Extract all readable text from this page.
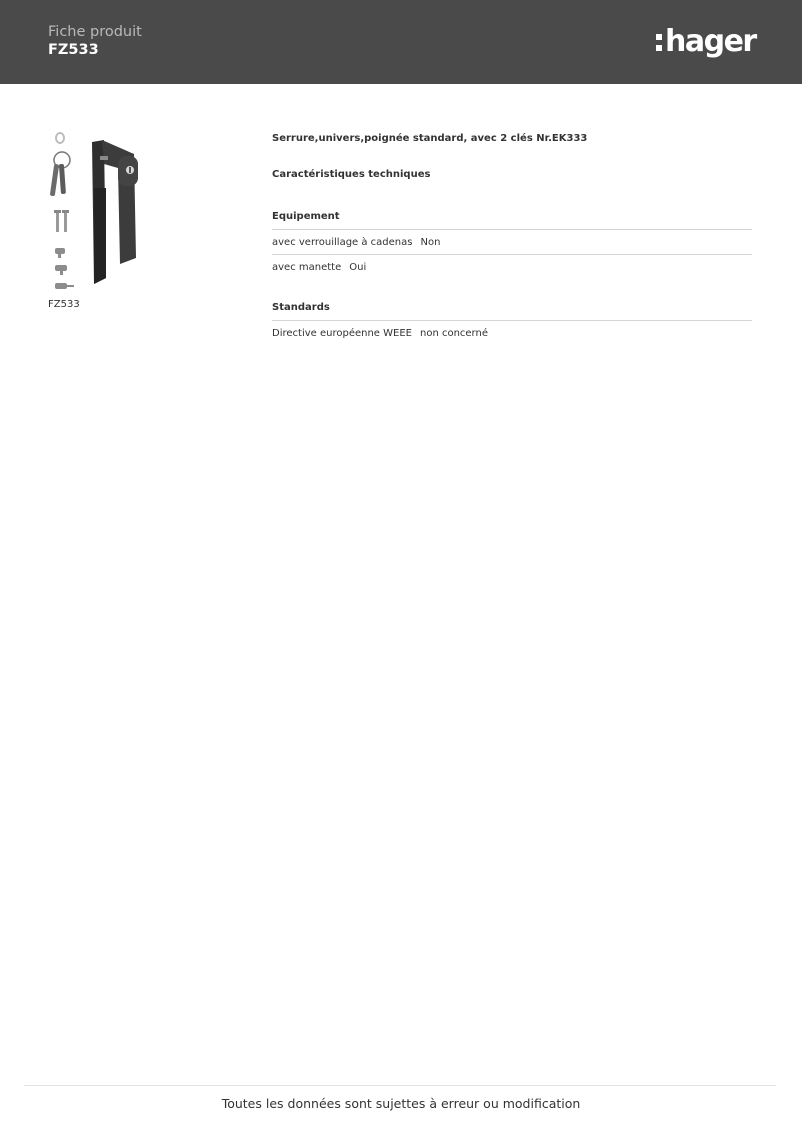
Fiche produit
FZ533	hager
FZ533
Serrure,univers,poignée standard, avec 2 clés Nr.EK333
Caractéristiques techniques
Equipement
avec verrouillage à cadenas Non
avec manette Oui
Standards
Directive européenne WEEE non concerné
Toutes les données sont sujettes à erreur ou modification
